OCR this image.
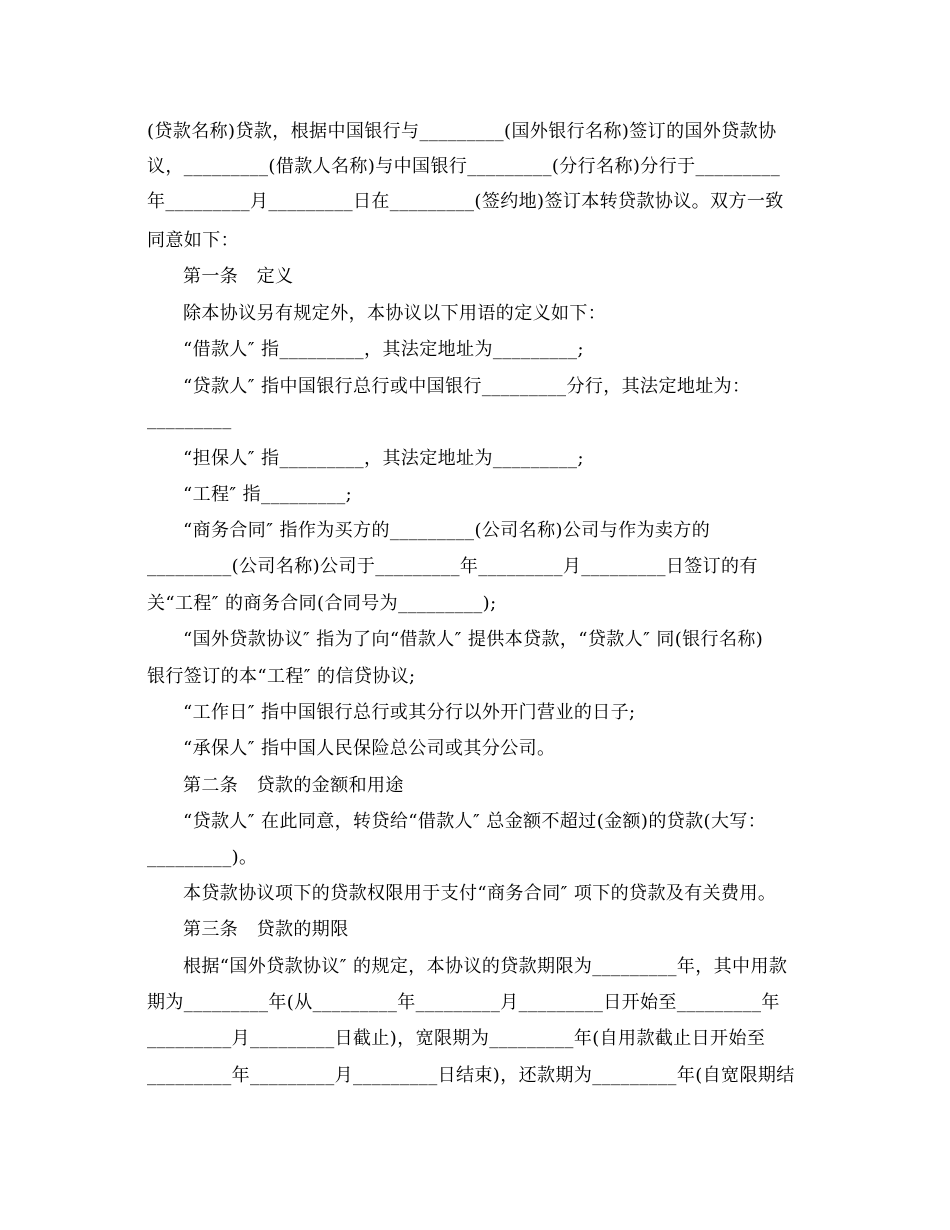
(贷款名称)贷款，根据中国银行与_________(国外银行名称)签订的国外贷款协
议，_________(借款人名称)与中国银行_________(分行名称)分行于_________
年_________月_________日在_________(签约地)签订本转贷款协议。双方一致
同意如下：
第一条　定义
除本协议另有规定外，本协议以下用语的定义如下：
“借款人″ 指_________，其法定地址为_________;
“贷款人″ 指中国银行总行或中国银行_________分行，其法定地址为：
_________
“担保人″ 指_________，其法定地址为_________;
“工程″ 指_________;
“商务合同″ 指作为买方的_________(公司名称)公司与作为卖方的
_________(公司名称)公司于_________年_________月_________日签订的有
关“工程″ 的商务合同(合同号为_________);
“国外贷款协议″ 指为了向“借款人″ 提供本贷款，“贷款人″ 同(银行名称)
银行签订的本“工程″ 的信贷协议;
“工作日″ 指中国银行总行或其分行以外开门营业的日子;
“承保人″ 指中国人民保险总公司或其分公司。
第二条　贷款的金额和用途
“贷款人″ 在此同意，转贷给“借款人″ 总金额不超过(金额)的贷款(大写：
_________)。
本贷款协议项下的贷款权限用于支付“商务合同″ 项下的贷款及有关费用。
第三条　贷款的期限
根据“国外贷款协议″ 的规定，本协议的贷款期限为_________年，其中用款
期为_________年(从_________年_________月_________日开始至_________年
_________月_________日截止)，宽限期为_________年(自用款截止日开始至
_________年_________月_________日结束)，还款期为_________年(自宽限期结
